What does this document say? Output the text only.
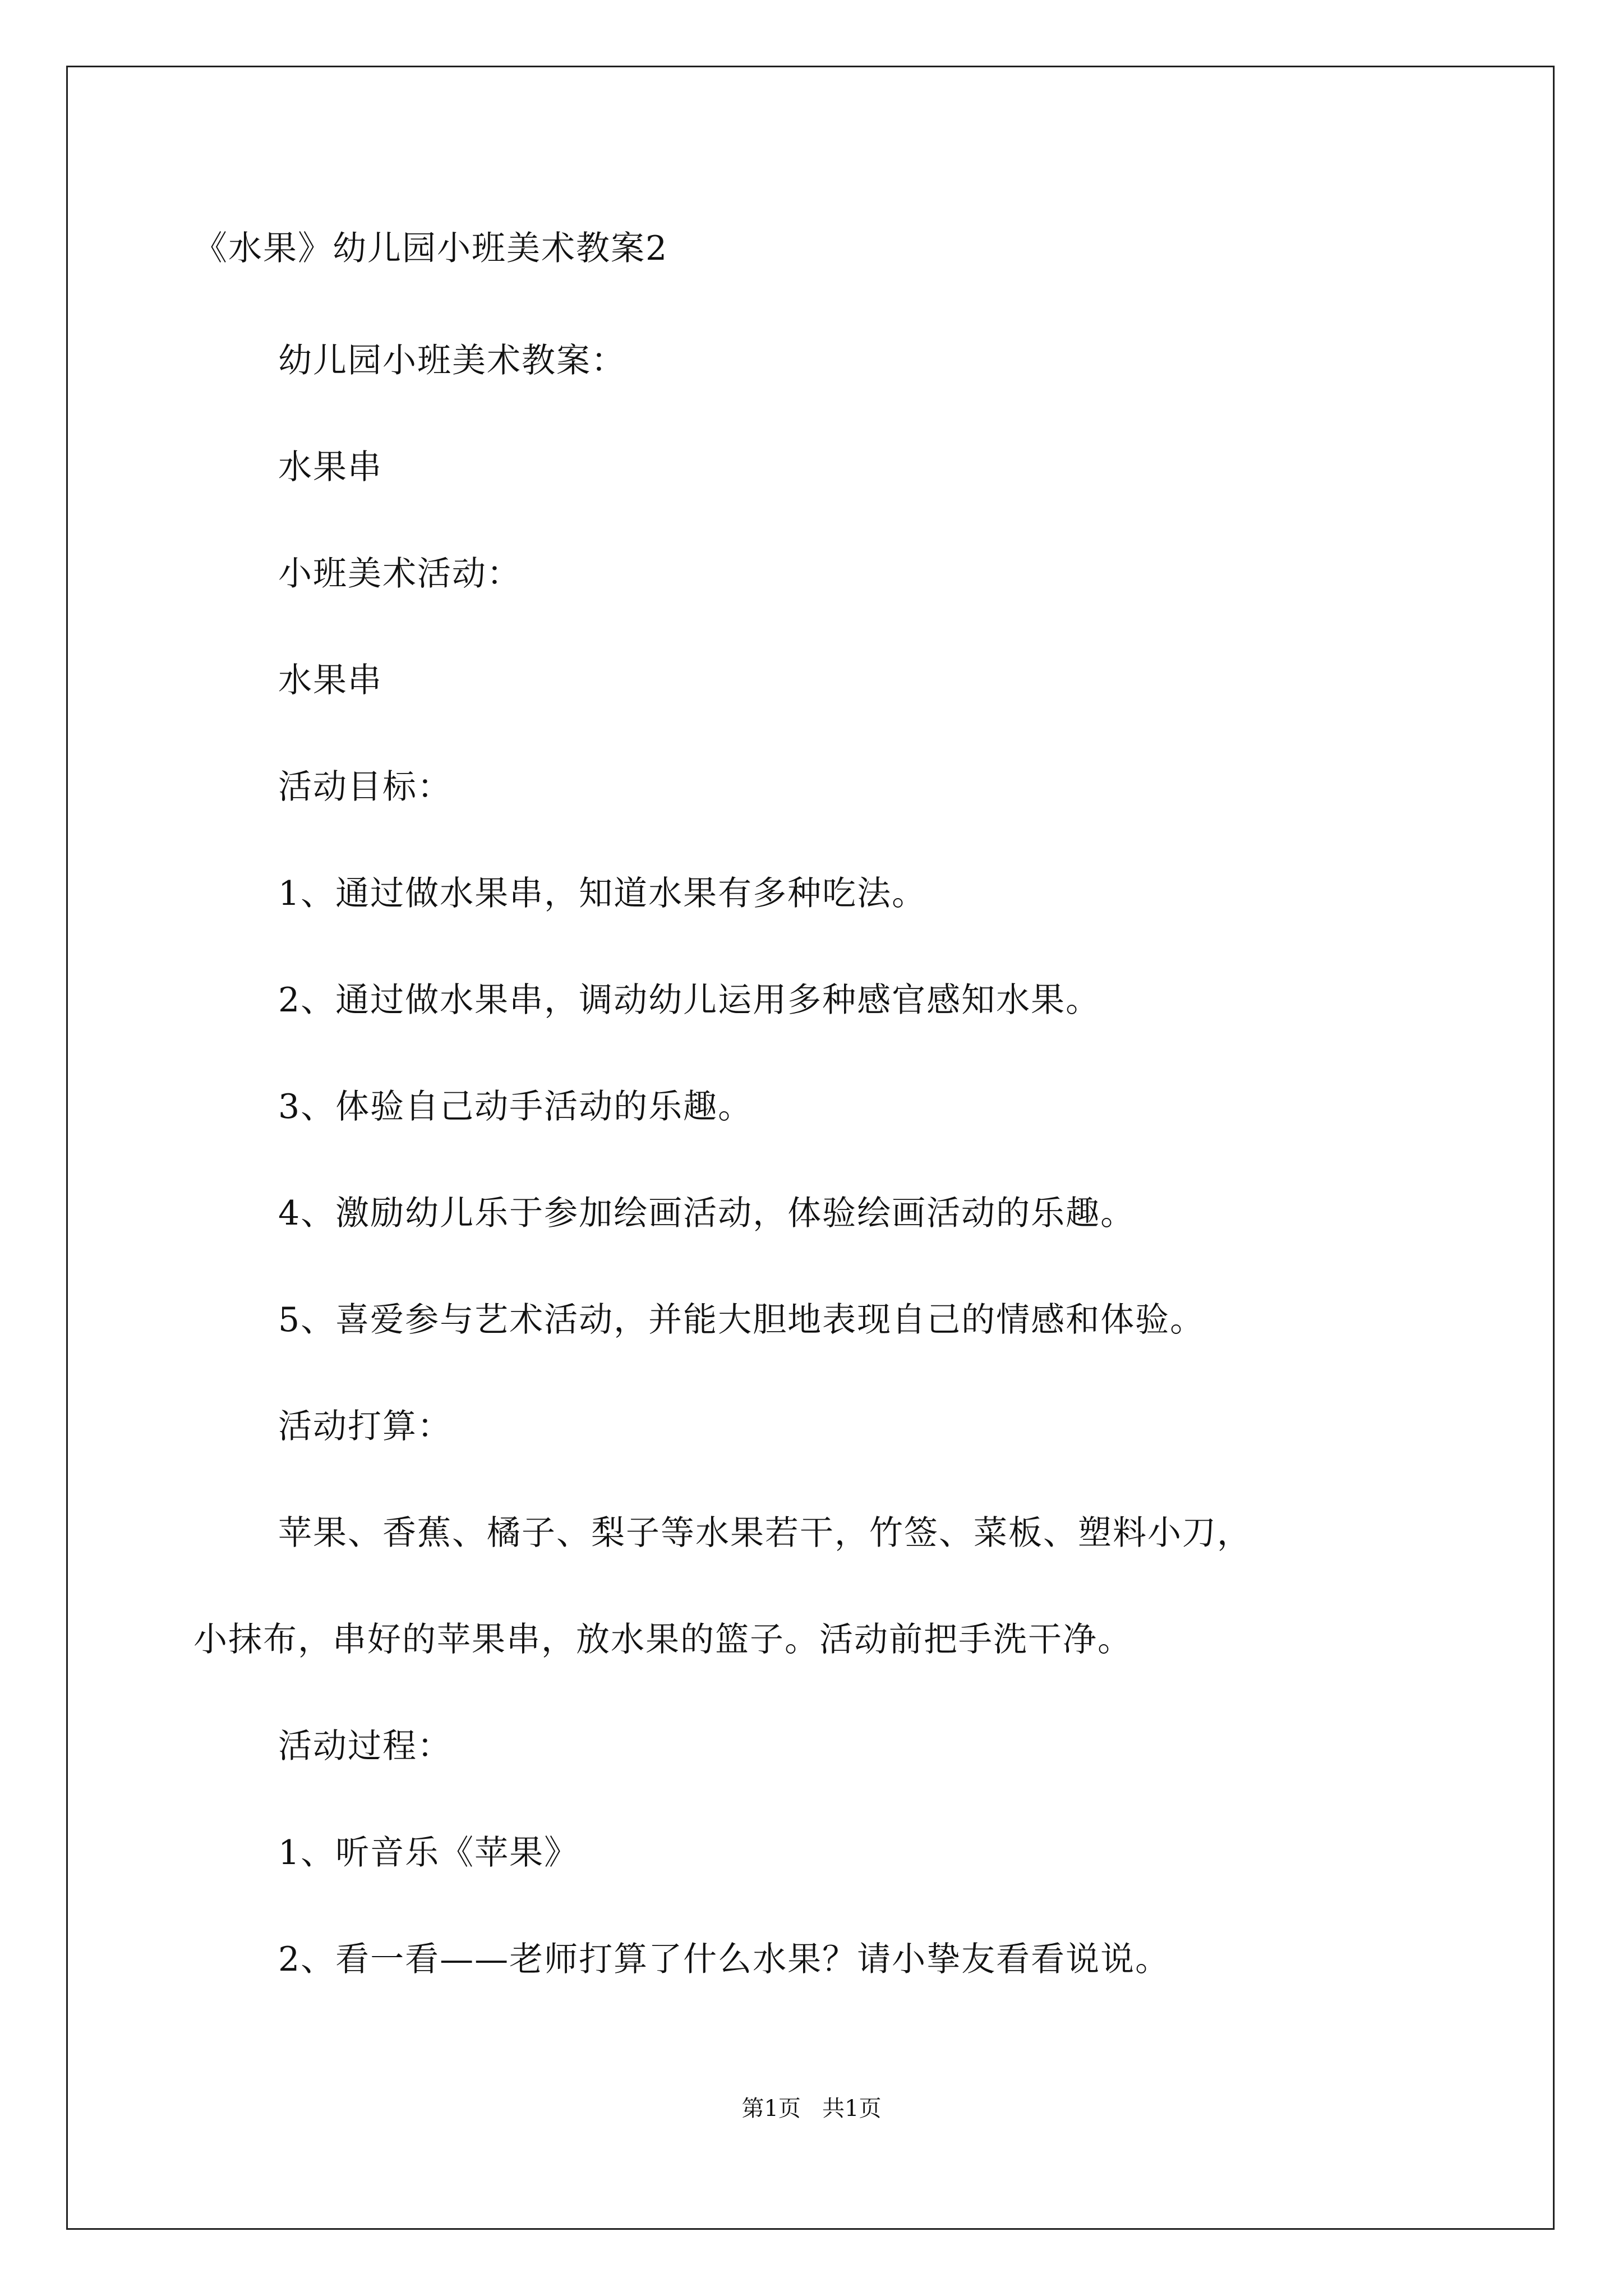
《水果》幼儿园小班美术教案2
幼儿园小班美术教案：
水果串
小班美术活动：
水果串
活动目标：
1、通过做水果串，知道水果有多种吃法。
2、通过做水果串，调动幼儿运用多种感官感知水果。
3、体验自己动手活动的乐趣。
4、激励幼儿乐于参加绘画活动，体验绘画活动的乐趣。
5、喜爱参与艺术活动，并能大胆地表现自己的情感和体验。
活动打算：
苹果、香蕉、橘子、梨子等水果若干，竹签、菜板、塑料小刀，
小抹布，串好的苹果串，放水果的篮子。活动前把手洗干净。
活动过程：
1、听音乐《苹果》
2、看一看——老师打算了什么水果？请小挚友看看说说。
第1页   共1页
